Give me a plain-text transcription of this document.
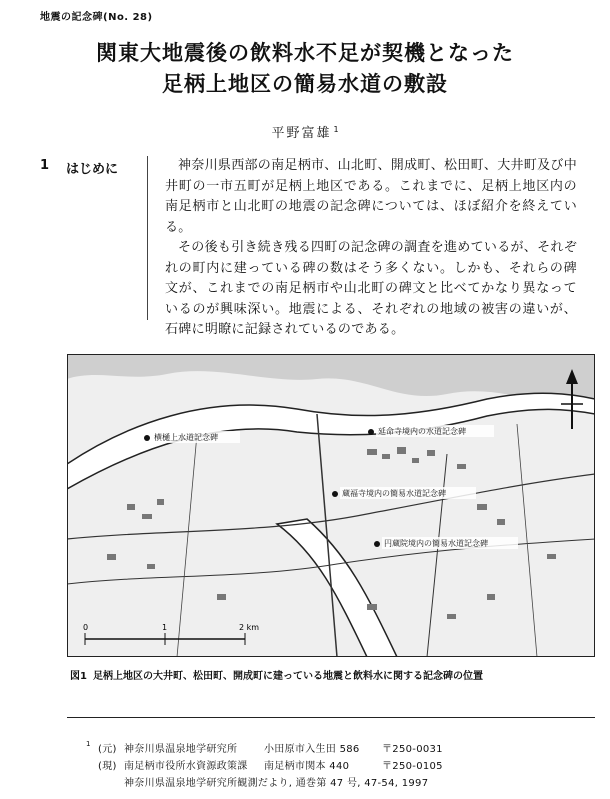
地震の記念碑(No. 28)
関東大地震後の飲料水不足が契機となった
足柄上地区の簡易水道の敷設
平野富雄 $^1$
1 はじめに	神奈川県西部の南足柄市、山北町、開成町、松田町、大井町及び中井町の一市五町が足柄上地区である。これまでに、足柄上地区内の南足柄市と山北町の地震の記念碑については、ほぼ紹介を終えている。

その後も引き続き残る四町の記念碑の調査を進めているが、それぞれの町内に建っている碑の数はそう多くない。しかも、それらの碑文が、これまでの南足柄市や山北町の碑文と比べてかなり異なっているのが興味深い。地震による、それぞれの地域の被害の違いが、石碑に明瞭に記録されているのである。

横樋上水道記念碑
延命寺境内の水道記念碑
蔵福寺境内の簡易水道記念碑
円蔵院境内の簡易水道記念碑
0	1	2 km
図1 足柄上地区の大井町、松田町、開成町に建っている地震と飲料水に関する記念碑の位置
1 (元) 神奈川県温泉地学研究所	小田原市入生田 586 〒250-0031
(現) 南足柄市役所水資源政策課 南足柄市関本 440	〒250-0105
神奈川県温泉地学研究所観測だより, 通巻第 47 号, 47-54, 1997
